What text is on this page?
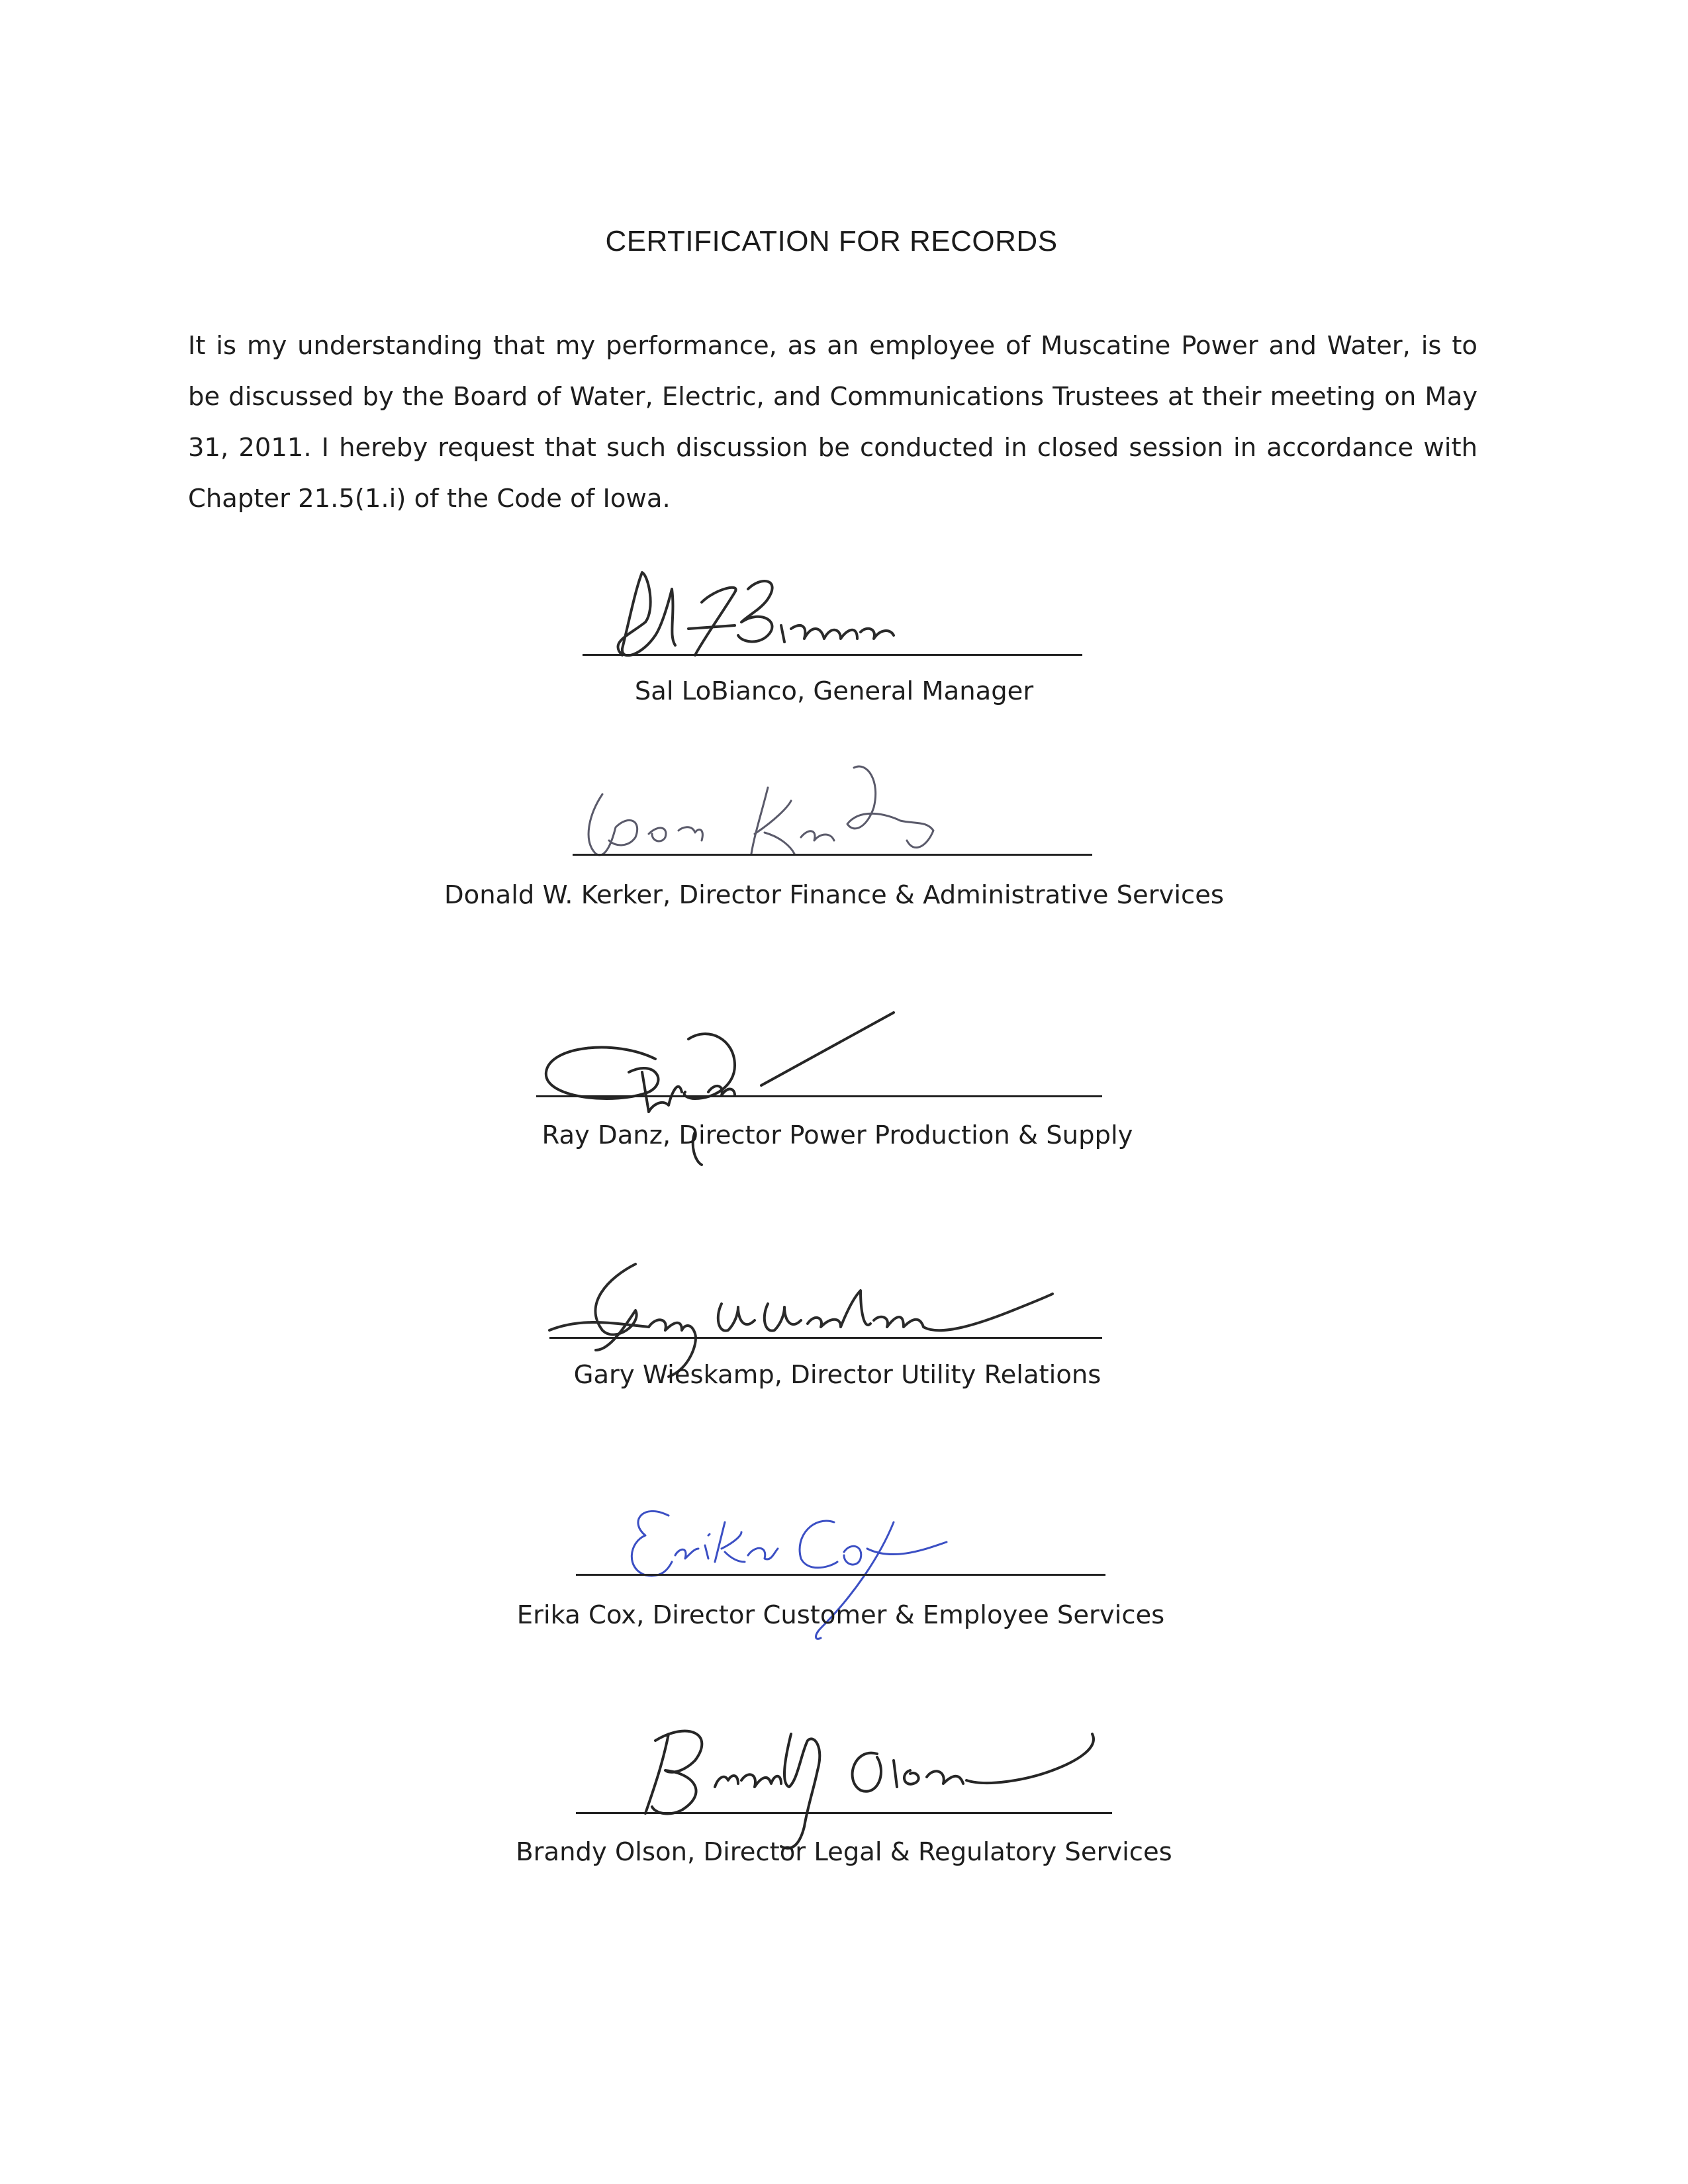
CERTIFICATION FOR RECORDS
It is my understanding that my performance, as an employee of Muscatine Power and Water, is to be discussed by the Board of Water, Electric, and Communications Trustees at their meeting on May 31, 2011. I hereby request that such discussion be conducted in closed session in accordance with Chapter 21.5(1.i) of the Code of Iowa.
Sal LoBianco, General Manager
Donald W. Kerker, Director Finance & Administrative Services
Ray Danz, Director Power Production & Supply
Gary Wieskamp, Director Utility Relations
Erika Cox, Director Customer & Employee Services
Brandy Olson, Director Legal & Regulatory Services
